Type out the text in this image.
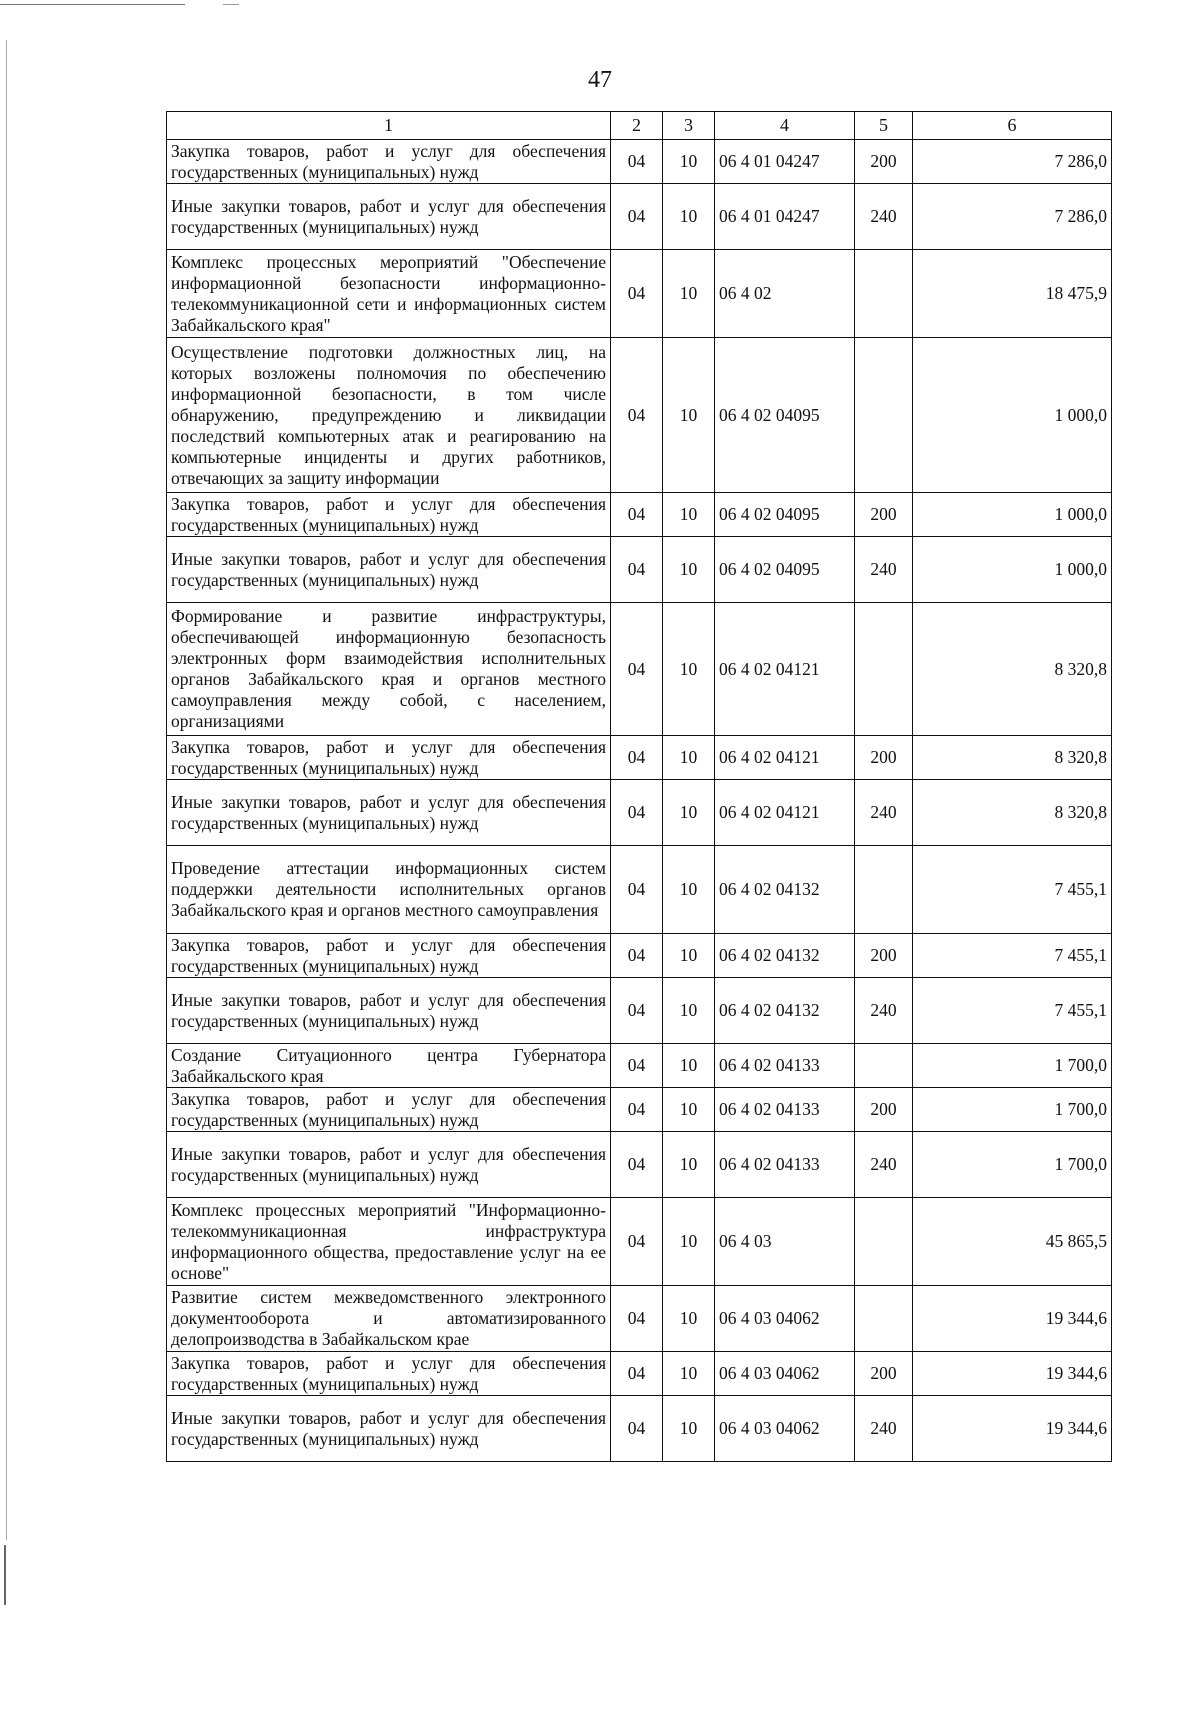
47
1	2	3	4	5	6
Закупка товаров, работ и услуг для обеспечения государственных (муниципальных) нужд	04	10	06 4 01 04247	200	7 286,0
Иные закупки товаров, работ и услуг для обеспечения государственных (муниципальных) нужд	04	10	06 4 01 04247	240	7 286,0
Комплекс процессных мероприятий "Обеспечение информационной безопасности информационно-телекоммуникационной сети и информационных систем Забайкальского края"	04	10	06 4 02		18 475,9
Осуществление подготовки должностных лиц, на которых возложены полномочия по обеспечению информационной безопасности, в том числе обнаружению, предупреждению и ликвидации последствий компьютерных атак и реагированию на компьютерные инциденты и других работников, отвечающих за защиту информации	04	10	06 4 02 04095		1 000,0
Закупка товаров, работ и услуг для обеспечения государственных (муниципальных) нужд	04	10	06 4 02 04095	200	1 000,0
Иные закупки товаров, работ и услуг для обеспечения государственных (муниципальных) нужд	04	10	06 4 02 04095	240	1 000,0
Формирование и развитие инфраструктуры, обеспечивающей информационную безопасность электронных форм взаимодействия исполнительных органов Забайкальского края и органов местного самоуправления между собой, с населением, организациями	04	10	06 4 02 04121		8 320,8
Закупка товаров, работ и услуг для обеспечения государственных (муниципальных) нужд	04	10	06 4 02 04121	200	8 320,8
Иные закупки товаров, работ и услуг для обеспечения государственных (муниципальных) нужд	04	10	06 4 02 04121	240	8 320,8
Проведение аттестации информационных систем поддержки деятельности исполнительных органов Забайкальского края и органов местного самоуправления	04	10	06 4 02 04132		7 455,1
Закупка товаров, работ и услуг для обеспечения государственных (муниципальных) нужд	04	10	06 4 02 04132	200	7 455,1
Иные закупки товаров, работ и услуг для обеспечения государственных (муниципальных) нужд	04	10	06 4 02 04132	240	7 455,1
Создание Ситуационного центра Губернатора Забайкальского края	04	10	06 4 02 04133		1 700,0
Закупка товаров, работ и услуг для обеспечения государственных (муниципальных) нужд	04	10	06 4 02 04133	200	1 700,0
Иные закупки товаров, работ и услуг для обеспечения государственных (муниципальных) нужд	04	10	06 4 02 04133	240	1 700,0
Комплекс процессных мероприятий "Информационно-телекоммуникационная инфраструктура информационного общества, предоставление услуг на ее основе"	04	10	06 4 03		45 865,5
Развитие систем межведомственного электронного документооборота и автоматизированного делопроизводства в Забайкальском крае	04	10	06 4 03 04062		19 344,6
Закупка товаров, работ и услуг для обеспечения государственных (муниципальных) нужд	04	10	06 4 03 04062	200	19 344,6
Иные закупки товаров, работ и услуг для обеспечения государственных (муниципальных) нужд	04	10	06 4 03 04062	240	19 344,6
